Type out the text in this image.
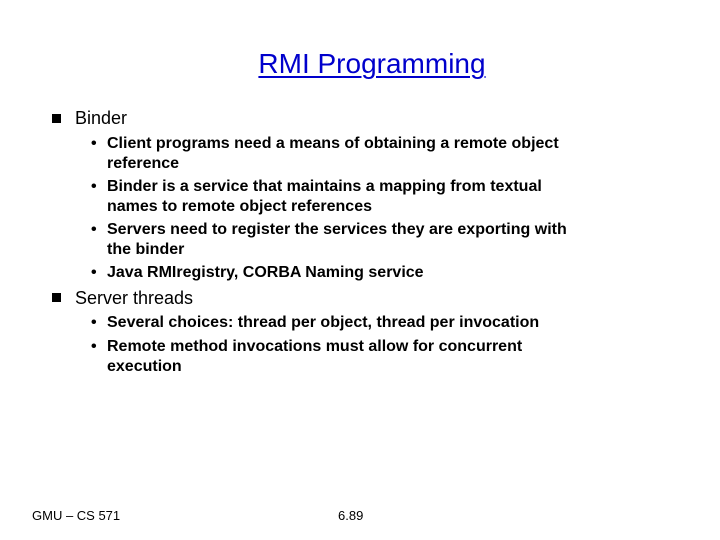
RMI Programming
Binder
• Client programs need a means of obtaining a remote object
reference
• Binder is a service that maintains a mapping from textual
names to remote object references
• Servers need to register the services they are exporting with
the binder
• Java RMIregistry, CORBA Naming service
Server threads
• Several choices: thread per object, thread per invocation
• Remote method invocations must allow for concurrent
execution
GMU – CS 571	6.89
